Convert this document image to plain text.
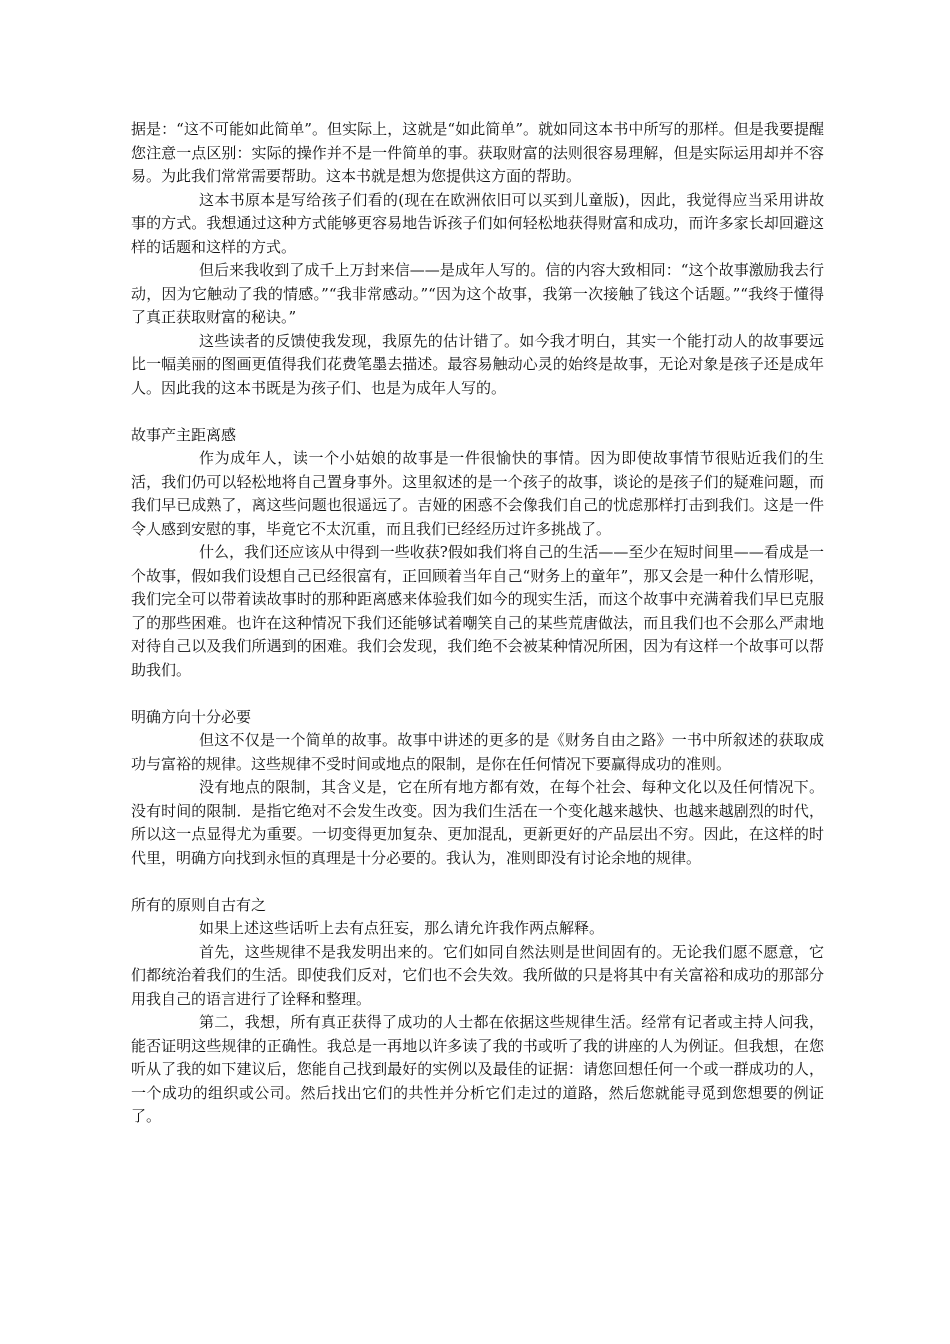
据是：“这不可能如此简单”。但实际上，这就是“如此简单”。就如同这本书中所写的那样。但是我要提醒您注意一点区别：实际的操作并不是一件简单的事。获取财富的法则很容易理解，但是实际运用却并不容易。为此我们常常需要帮助。这本书就是想为您提供这方面的帮助。

这本书原本是写给孩子们看的(现在在欧洲依旧可以买到儿童版)，因此，我觉得应当采用讲故事的方式。我想通过这种方式能够更容易地告诉孩子们如何轻松地获得财富和成功，而许多家长却回避这样的话题和这样的方式。

但后来我收到了成千上万封来信——是成年人写的。信的内容大致相同：“这个故事激励我去行动，因为它触动了我的情感。”“我非常感动。”“因为这个故事，我第一次接触了钱这个话题。”“我终于懂得了真正获取财富的秘诀。”

这些读者的反馈使我发现，我原先的估计错了。如今我才明白，其实一个能打动人的故事要远比一幅美丽的图画更值得我们花费笔墨去描述。最容易触动心灵的始终是故事，无论对象是孩子还是成年人。因此我的这本书既是为孩子们、也是为成年人写的。

故事产主距离感

作为成年人，读一个小姑娘的故事是一件很愉快的事情。因为即使故事情节很贴近我们的生活，我们仍可以轻松地将自己置身事外。这里叙述的是一个孩子的故事，谈论的是孩子们的疑难问题，而我们早已成熟了，离这些问题也很遥远了。吉娅的困惑不会像我们自己的忧虑那样打击到我们。这是一件令人感到安慰的事，毕竟它不太沉重，而且我们已经经历过许多挑战了。

什么，我们还应该从中得到一些收获?假如我们将自己的生活——至少在短时间里——看成是一个故事，假如我们设想自己已经很富有，正回顾着当年自己“财务上的童年”，那又会是一种什么情形呢，我们完全可以带着读故事时的那种距离感来体验我们如今的现实生活，而这个故事中充满着我们早巳克服了的那些困难。也许在这种情况下我们还能够试着嘲笑自己的某些荒唐做法，而且我们也不会那么严肃地对待自己以及我们所遇到的困难。我们会发现，我们绝不会被某种情况所困，因为有这样一个故事可以帮助我们。

明确方向十分必要

但这不仅是一个简单的故事。故事中讲述的更多的是《财务自由之路》一书中所叙述的获取成功与富裕的规律。这些规律不受时间或地点的限制，是你在任何情况下要赢得成功的准则。

没有地点的限制，其含义是，它在所有地方都有效，在每个社会、每种文化以及任何情况下。没有时间的限制．是指它绝对不会发生改变。因为我们生活在一个变化越来越快、也越来越剧烈的时代，所以这一点显得尤为重要。一切变得更加复杂、更加混乱，更新更好的产品层出不穷。因此，在这样的时代里，明确方向找到永恒的真理是十分必要的。我认为，准则即没有讨论余地的规律。

所有的原则自古有之

如果上述这些话听上去有点狂妄，那么请允许我作两点解释。

首先，这些规律不是我发明出来的。它们如同自然法则是世间固有的。无论我们愿不愿意，它们都统治着我们的生活。即使我们反对，它们也不会失效。我所做的只是将其中有关富裕和成功的那部分用我自己的语言进行了诠释和整理。

第二，我想，所有真正获得了成功的人士都在依据这些规律生活。经常有记者或主持人问我，能否证明这些规律的正确性。我总是一再地以许多读了我的书或听了我的讲座的人为例证。但我想，在您听从了我的如下建议后，您能自己找到最好的实例以及最佳的证据：请您回想任何一个或一群成功的人，一个成功的组织或公司。然后找出它们的共性并分析它们走过的道路，然后您就能寻觅到您想要的例证了。
